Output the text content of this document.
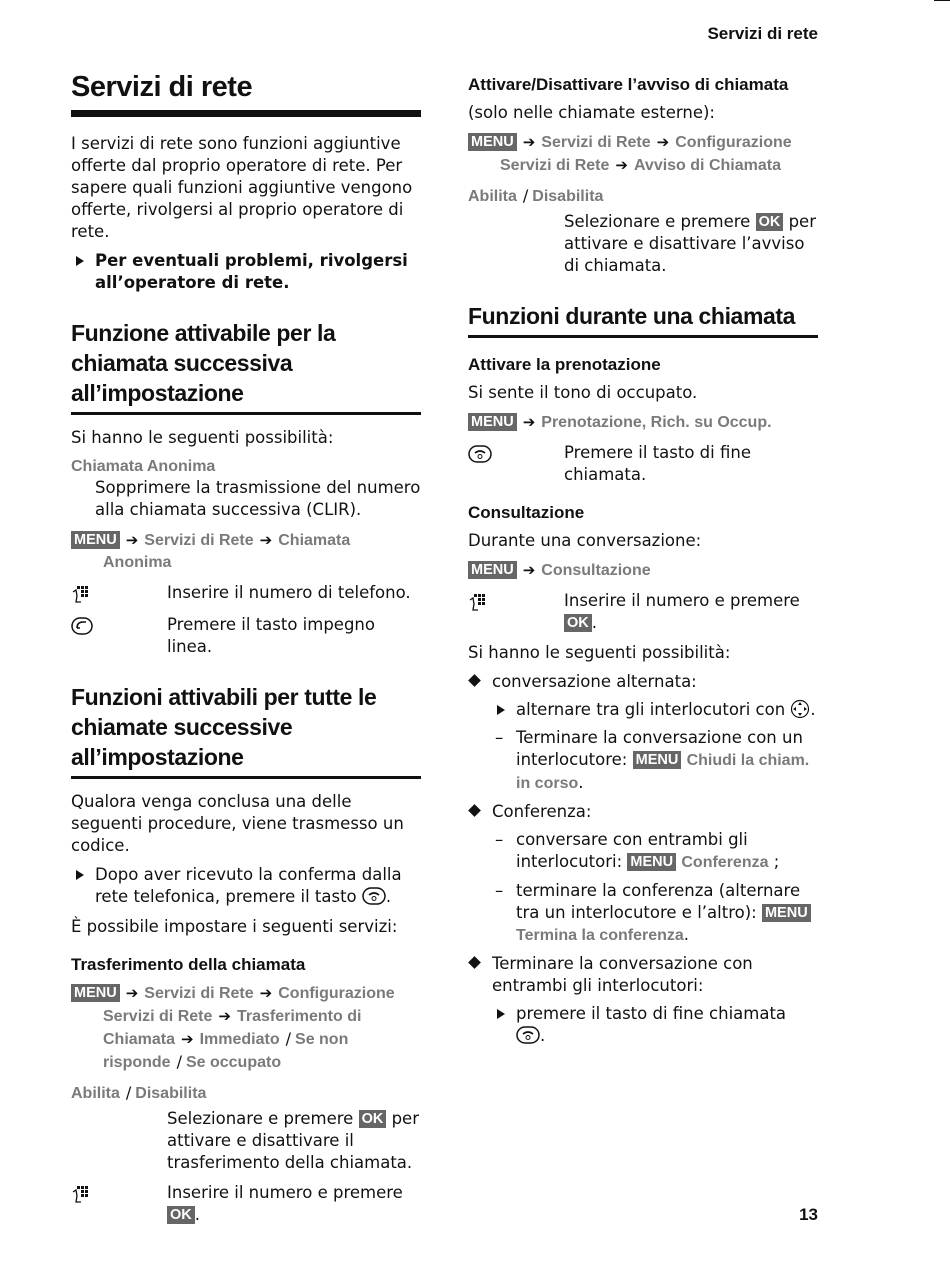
Servizi di rete
Servizi di rete

I servizi di rete sono funzioni aggiuntive offerte dal proprio operatore di rete. Per sapere quali funzioni aggiuntive vengono offerte, rivolgersi al proprio operatore di rete.

Per eventuali problemi, rivolgersi all’operatore di rete.
Funzione attivabile per la chiamata successiva all’impostazione

Si hanno le seguenti possibilità:

Chiamata Anonima
Sopprimere la trasmissione del numero alla chiamata successiva (CLIR).
MENU ➔ Servizi di Rete ➔ Chiamata Anonima
Inserire il numero di telefono.
Premere il tasto impegno linea.
Funzioni attivabili per tutte le chiamate successive all’impostazione

Qualora venga conclusa una delle seguenti procedure, viene trasmesso un codice.

Dopo aver ricevuto la conferma dalla rete telefonica, premere il tasto .

È possibile impostare i seguenti servizi:

Trasferimento della chiamata
MENU ➔ Servizi di Rete ➔ Configurazione Servizi di Rete ➔ Trasferimento di Chiamata ➔ Immediato / Se non risponde / Se occupato
Abilita / Disabilita
Selezionare e premere OK per attivare e disattivare il trasferimento della chiamata.
Inserire il numero e premere OK .
Attivare/Disattivare l’avviso di chiamata

(solo nelle chiamate esterne):

MENU ➔ Servizi di Rete ➔ Configurazione Servizi di Rete ➔ Avviso di Chiamata
Abilita / Disabilita
Selezionare e premere OK per attivare e disattivare l’avviso di chiamata.
Funzioni durante una chiamata
Attivare la prenotazione

Si sente il tono di occupato.

MENU ➔ Prenotazione, Rich. su Occup.
Premere il tasto di fine chiamata.
Consultazione

Durante una conversazione:

MENU ➔ Consultazione
Inserire il numero e premere OK .

Si hanno le seguenti possibilità:

conversazione alternata:
alternare tra gli interlocutori con .
– Terminare la conversazione con un interlocutore: MENU Chiudi la chiam. in corso.
Conferenza:
– conversare con entrambi gli interlocutori: MENU Conferenza ;
– terminare la conferenza (alternare tra un interlocutore e l’altro): MENU Termina la conferenza.
Terminare la conversazione con entrambi gli interlocutori:
premere il tasto di fine chiamata
.
13
